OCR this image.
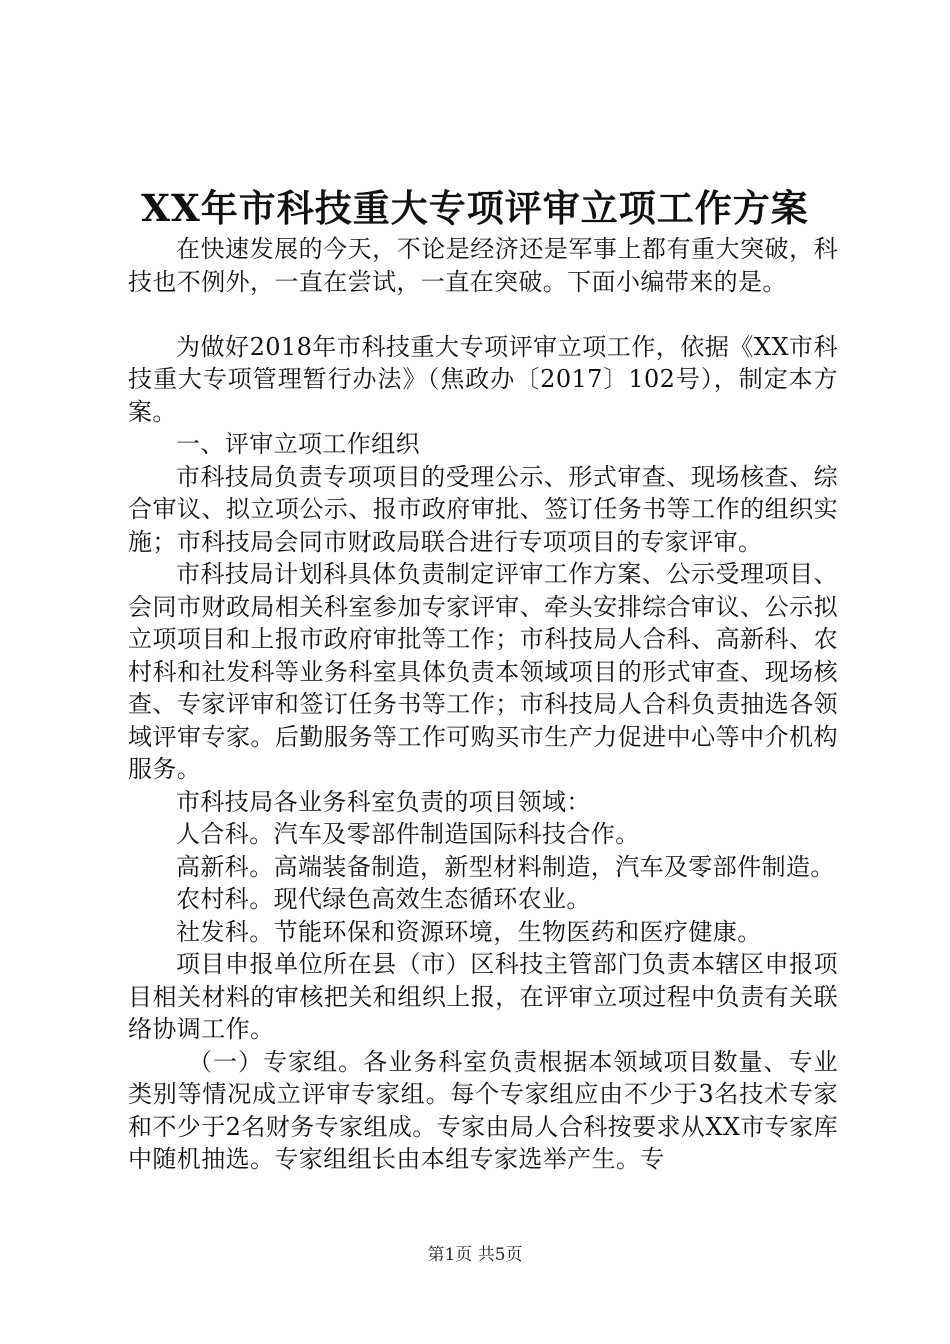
XX年市科技重大专项评审立项工作方案

在快速发展的今天，不论是经济还是军事上都有重大突破，科技也不例外，一直在尝试，一直在突破。下面小编带来的是。

为做好2018年市科技重大专项评审立项工作，依据《XX市科技重大专项管理暂行办法》（焦政办〔2017〕102号），制定本方案。

一、评审立项工作组织

市科技局负责专项项目的受理公示、形式审查、现场核查、综合审议、拟立项公示、报市政府审批、签订任务书等工作的组织实施；市科技局会同市财政局联合进行专项项目的专家评审。

市科技局计划科具体负责制定评审工作方案、公示受理项目、会同市财政局相关科室参加专家评审、牵头安排综合审议、公示拟立项项目和上报市政府审批等工作；市科技局人合科、高新科、农村科和社发科等业务科室具体负责本领域项目的形式审查、现场核查、专家评审和签订任务书等工作；市科技局人合科负责抽选各领域评审专家。后勤服务等工作可购买市生产力促进中心等中介机构服务。

市科技局各业务科室负责的项目领域：

人合科。汽车及零部件制造国际科技合作。

高新科。高端装备制造，新型材料制造，汽车及零部件制造。

农村科。现代绿色高效生态循环农业。

社发科。节能环保和资源环境，生物医药和医疗健康。

项目申报单位所在县（市）区科技主管部门负责本辖区申报项目相关材料的审核把关和组织上报，在评审立项过程中负责有关联络协调工作。

（一）专家组。各业务科室负责根据本领域项目数量、专业类别等情况成立评审专家组。每个专家组应由不少于3名技术专家和不少于2名财务专家组成。专家由局人合科按要求从XX市专家库中随机抽选。专家组组长由本组专家选举产生。专

第1页 共5页
